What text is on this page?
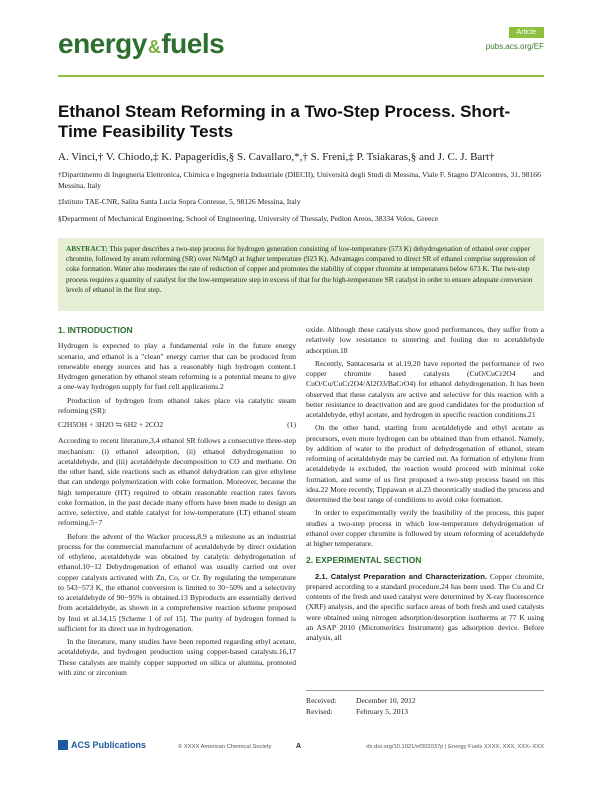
energy&fuels	Article
pubs.acs.org/EF
Ethanol Steam Reforming in a Two-Step Process. Short-Time Feasibility Tests
A. Vinci,† V. Chiodo,‡ K. Papageridis,§ S. Cavallaro,*,† S. Freni,‡ P. Tsiakaras,§ and J. C. J. Bart†

†Dipartimento di Ingegneria Elettronica, Chimica e Ingegneria Industriale (DIECII), Università degli Studi di Messina, Viale F. Stagno D'Alcontres, 31, 98166 Messina, Italy

‡Istituto TAE-CNR, Salita Santa Lucia Sopra Contesse, 5, 98126 Messina, Italy

§Department of Mechanical Engineering, School of Engineering, University of Thessaly, Pedion Areos, 38334 Volos, Greece

ABSTRACT: This paper describes a two-step process for hydrogen generation consisting of low-temperature (573 K) dehydrogenation of ethanol over copper chromite, followed by steam reforming (SR) over Ni/MgO at higher temperature (923 K). Advantages compared to direct SR of ethanol comprise suppression of coke formation. Water also moderates the rate of reduction of copper and promotes the stability of copper chromite at temperatures below 673 K. The two-step process requires a quantity of catalyst for the low-temperature step in excess of that for the high-temperature SR catalyst in order to ensure adequate conversion levels of ethanol in the first step.
1. INTRODUCTION

Hydrogen is expected to play a fundamental role in the future energy scenario, and ethanol is a "clean" energy carrier that can be produced from renewable energy sources and has a reasonably high hydrogen content.1 Hydrogen generation by ethanol steam reforming is a potential means to give a one-way hydrogen supply for fuel cell applications.2

Production of hydrogen from ethanol takes place via catalytic steam reforming (SR):

C2H5OH + 3H2O ⇆ 6H2 + 2CO2	(1)

According to recent literature,3,4 ethanol SR follows a consecutive three-step mechanism: (i) ethanol adsorption, (ii) ethanol dehydrogenation to acetaldehyde, and (iii) acetaldehyde decomposition to CO and methane. On the other hand, side reactions such as ethanol dehydration can give ethylene that can undergo polymerization with coke formation. Moreover, because the high temperature (HT) required to obtain reasonable reaction rates favors coke formation, in the past decade many efforts have been made to design an active, selective, and stable catalyst for low-temperature (LT) ethanol steam reforming.5−7

Before the advent of the Wacker process,8,9 a milestone as an industrial process for the commercial manufacture of acetaldehyde by direct oxidation of ethylene, acetaldehyde was obtained by catalytic dehydrogenation of ethanol.10−12 Dehydrogenation of ethanol was usually carried out over copper catalysts activated with Zn, Co, or Cr. By regulating the temperature to 543−573 K, the ethanol conversion is limited to 30−50% and a selectivity to acetaldehyde of 90−95% is obtained.13 Byproducts are essentially derived from acetaldehyde, as shown in a comprehensive reaction scheme proposed by Inui et al.14,15 [Scheme 1 of ref 15]. The purity of hydrogen formed is sufficient for its direct use in hydrogenation.

In the literature, many studies have been reported regarding ethyl acetate, acetaldehyde, and hydrogen production using copper-based catalysts.16,17 These catalysts are mainly copper supported on silica or alumina, promoted with zinc or zirconium

oxide. Although these catalysts show good performances, they suffer from a relatively low resistance to sintering and fouling due to acetaldehyde adsorption.18

Recently, Santacesaria et al.19,20 have reported the performance of two copper chromite based catalysts (CuO/CuCr2O4 and CuO/Cu/CuCr2O4/Al2O3/BaCrO4) for ethanol dehydrogenation. It has been observed that these catalysts are active and selective for this reaction with a better resistance to deactivation and are good candidates for the production of acetaldehyde, ethyl acetate, and hydrogen in specific reaction conditions.21

On the other hand, starting from acetaldehyde and ethyl acetate as precursors, even more hydrogen can be obtained than from ethanol. Namely, by addition of water to the product of dehydrogenation of ethanol, steam reforming of acetaldehyde may be carried out. As formation of ethylene from acetaldehyde is excluded, the reaction would proceed with minimal coke formation, and some of us first proposed a two-step process based on this idea.22 More recently, Tippawan et al.23 theoretically studied the process and determined the best range of conditions to avoid coke formation.

In order to experimentally verify the feasibility of the process, this paper studies a two-step process in which low-temperature dehydrogenation of ethanol over copper chromite is followed by steam reforming of acetaldehyde at higher temperature.

2. EXPERIMENTAL SECTION

2.1. Catalyst Preparation and Characterization. Copper chromite, prepared according to a standard procedure,24 has been used. The Cu and Cr contents of the fresh and used catalyst were determined by X-ray fluorescence (XRF) analysis, and the specific surface areas of both fresh and used catalysts were obtained using nitrogen adsorption/desorption isotherms at 77 K using an ASAP 2010 (Micromeritics Instrument) gas adsorption device. Before analysis, all

Received:	December 10, 2012
Revised:	February 5, 2013
ACS Publications	© XXXX American Chemical Society	A	dx.doi.org/10.1021/ef302037p | Energy Fuels XXXX, XXX, XXX−XXX
